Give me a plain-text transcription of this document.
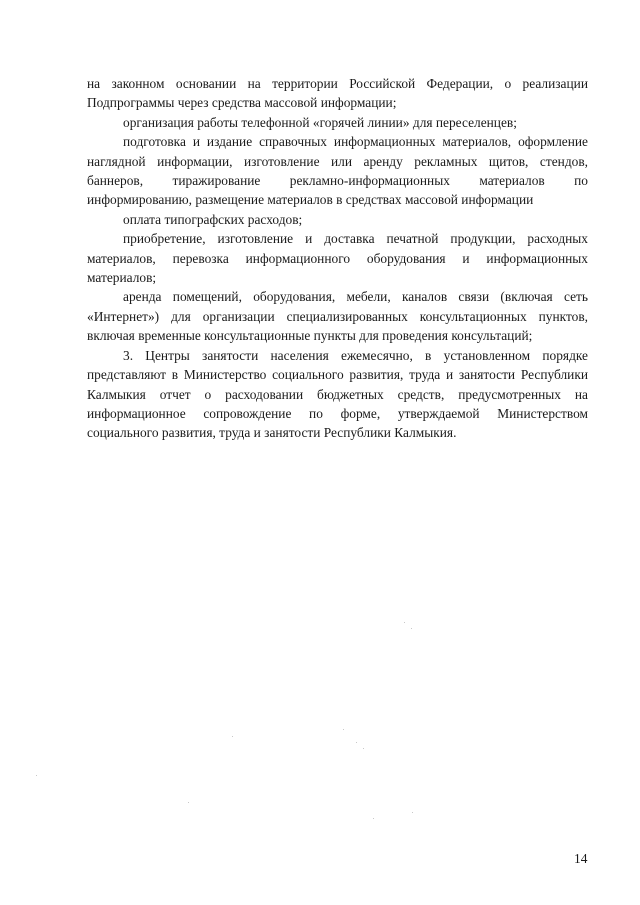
на законном основании на территории Российской Федерации, о реализации Подпрограммы через средства массовой информации;

организация работы телефонной «горячей линии» для переселенцев;

подготовка и издание справочных информационных материалов, оформление наглядной информации, изготовление или аренду рекламных щитов, стендов, баннеров, тиражирование рекламно-информационных материалов по информированию, размещение материалов в средствах массовой информации

оплата типографских расходов;

приобретение, изготовление и доставка печатной продукции, расходных материалов, перевозка информационного оборудования и информационных материалов;

аренда помещений, оборудования, мебели, каналов связи (включая сеть «Интернет») для организации специализированных консультационных пунктов, включая временные консультационные пункты для проведения консультаций;

3. Центры занятости населения ежемесячно, в установленном порядке представляют в Министерство социального развития, труда и занятости Республики Калмыкия отчет о расходовании бюджетных средств, предусмотренных на информационное сопровождение по форме, утверждаемой Министерством социального развития, труда и занятости Республики Калмыкия.

14
